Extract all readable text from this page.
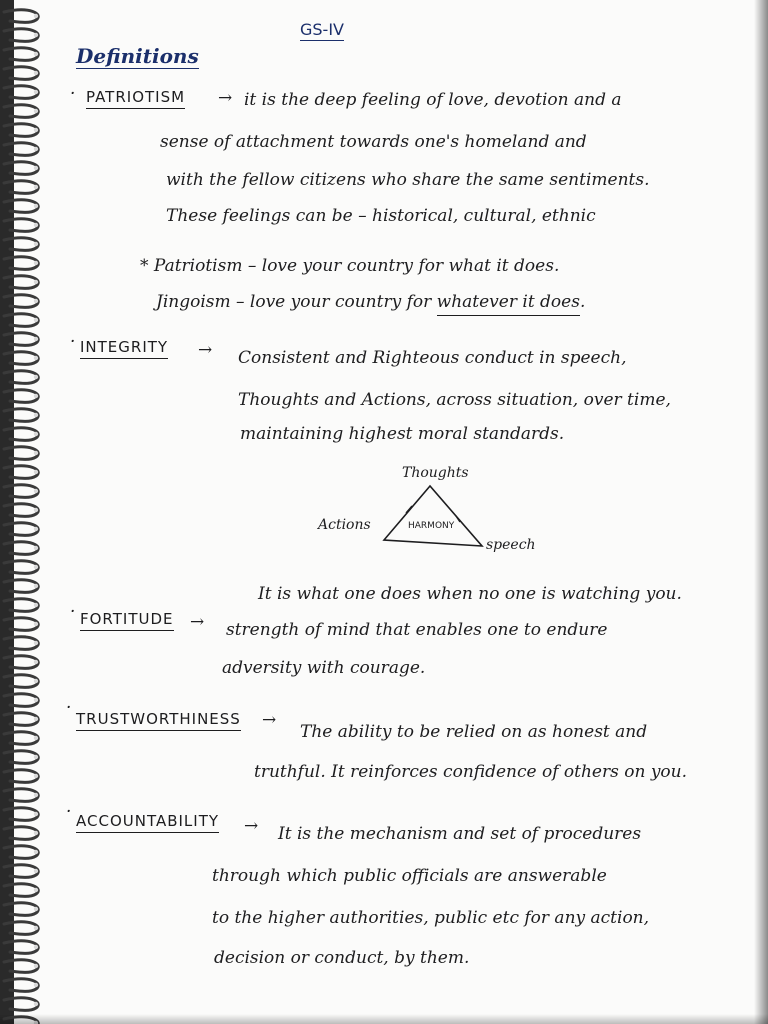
GS-IV
Definitions
· PATRIOTISM → it is the deep feeling of love, devotion and a
sense of attachment towards one's homeland and
with the fellow citizens who share the same sentiments.
These feelings can be – historical, cultural, ethnic
* Patriotism – love your country for what it does.
Jingoism – love your country for whatever it does.
· INTEGRITY → Consistent and Righteous conduct in speech,
Thoughts and Actions, across situation, over time,
maintaining highest moral standards.
Thoughts
Actions
speech
HARMONY
It is what one does when no one is watching you.
· FORTITUDE → strength of mind that enables one to endure
adversity with courage.
·
TRUSTWORTHINESS →
The ability to be relied on as honest and
truthful. It reinforces confidence of others on you.
· ACCOUNTABILITY → It is the mechanism and set of procedures
through which public officials are answerable
to the higher authorities, public etc for any action,
decision or conduct, by them.
